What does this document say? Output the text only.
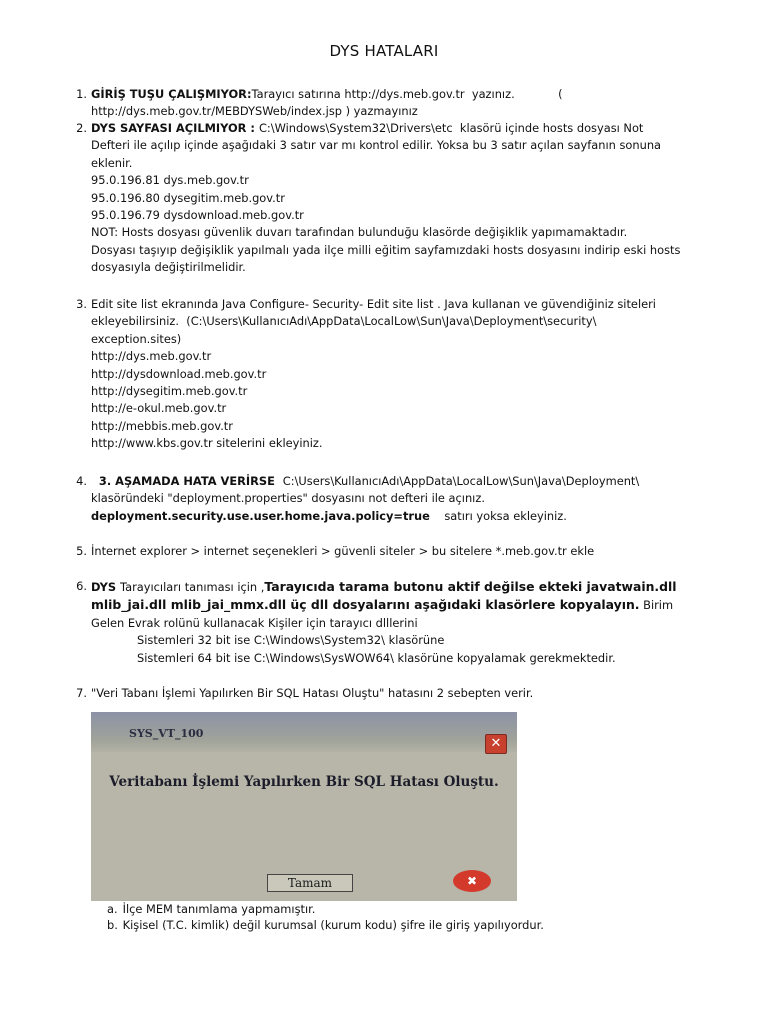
DYS HATALARI
1. GİRİŞ TUŞU ÇALIŞMIYOR:Tarayıcı satırına http://dys.meb.gov.tr  yazınız.            (
http://dys.meb.gov.tr/MEBDYSWeb/index.jsp ) yazmayınız
2. DYS SAYFASI AÇILMIYOR : C:\Windows\System32\Drivers\etc  klasörü içinde hosts dosyası Not
Defteri ile açılıp içinde aşağıdaki 3 satır var mı kontrol edilir. Yoksa bu 3 satır açılan sayfanın sonuna
eklenir.
95.0.196.81 dys.meb.gov.tr
95.0.196.80 dysegitim.meb.gov.tr
95.0.196.79 dysdownload.meb.gov.tr
NOT: Hosts dosyası güvenlik duvarı tarafından bulunduğu klasörde değişiklik yapımamaktadır.
Dosyası taşıyıp değişiklik yapılmalı yada ilçe milli eğitim sayfamızdaki hosts dosyasını indirip eski hosts
dosyasıyla değiştirilmelidir.
3. Edit site list ekranında Java Configure- Security- Edit site list . Java kullanan ve güvendiğiniz siteleri
ekleyebilirsiniz.  (C:\Users\KullanıcıAdı\AppData\LocalLow\Sun\Java\Deployment\security\
exception.sites)
http://dys.meb.gov.tr
http://dysdownload.meb.gov.tr
http://dysegitim.meb.gov.tr
http://e-okul.meb.gov.tr
http://mebbis.meb.gov.tr
http://www.kbs.gov.tr sitelerini ekleyiniz.
4. 3. AŞAMADA HATA VERİRSE  C:\Users\KullanıcıAdı\AppData\LocalLow\Sun\Java\Deployment\
klasöründeki "deployment.properties" dosyasını not defteri ile açınız.
deployment.security.use.user.home.java.policy=true    satırı yoksa ekleyiniz.
5. İnternet explorer > internet seçenekleri > güvenli siteler > bu sitelere *.meb.gov.tr ekle
6. DYS Tarayıcıları tanıması için ,Tarayıcıda tarama butonu aktif değilse ekteki javatwain.dll
mlib_jai.dll mlib_jai_mmx.dll üç dll dosyalarını aşağıdaki klasörlere kopyalayın. Birim
Gelen Evrak rolünü kullanacak Kişiler için tarayıcı dlllerini
Sistemleri 32 bit ise C:\Windows\System32\ klasörüne
Sistemleri 64 bit ise C:\Windows\SysWOW64\ klasörüne kopyalamak gerekmektedir.
7. "Veri Tabanı İşlemi Yapılırken Bir SQL Hatası Oluştu" hatasını 2 sebepten verir.
SYS_VT_100
✕
Veritabanı İşlemi Yapılırken Bir SQL Hatası Oluştu.
Tamam	✖
a. İlçe MEM tanımlama yapmamıştır.
b. Kişisel (T.C. kimlik) değil kurumsal (kurum kodu) şifre ile giriş yapılıyordur.
